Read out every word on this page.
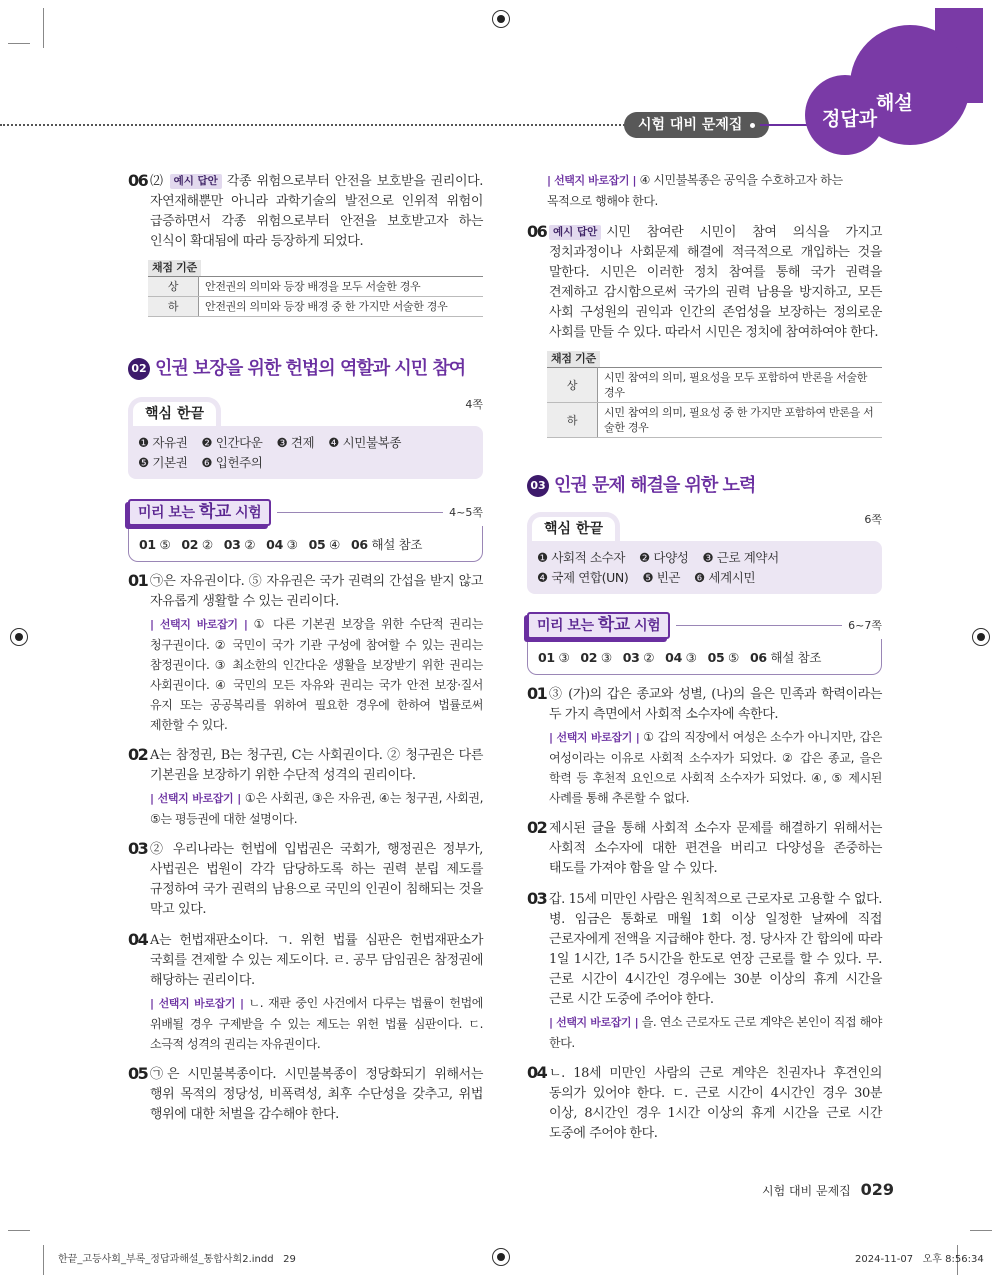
시험 대비 문제집	정답과
해설
06 ⑵ 예시 답안 각종 위험으로부터 안전을 보호받을 권리이다. 자연재해뿐만 아니라 과학기술의 발전으로 인위적 위험이 급증하면서 각종 위험으로부터 안전을 보호받고자 하는 인식이 확대됨에 따라 등장하게 되었다.
채점 기준
상	안전권의 의미와 등장 배경을 모두 서술한 경우
하	안전권의 의미와 등장 배경 중 한 가지만 서술한 경우
02 인권 보장을 위한 헌법의 역할과 시민 참여
핵심 한끝
4쪽
❶ 자유권 ❷ 인간다운 ❸ 견제 ❹ 시민불복종
❺ 기본권 ❻ 입헌주의
미리 보는 학교 시험	4~5쪽
01 ⑤ 02 ② 03 ② 04 ③ 05 ④ 06 해설 참조
01 ㉠은 자유권이다. ⑤ 자유권은 국가 권력의 간섭을 받지 않고 자유롭게 생활할 수 있는 권리이다.
| 선택지 바로잡기 | ① 다른 기본권 보장을 위한 수단적 권리는 청구권이다. ② 국민이 국가 기관 구성에 참여할 수 있는 권리는 참정권이다. ③ 최소한의 인간다운 생활을 보장받기 위한 권리는 사회권이다. ④ 국민의 모든 자유와 권리는 국가 안전 보장·질서 유지 또는 공공복리를 위하여 필요한 경우에 한하여 법률로써 제한할 수 있다.
02 A는 참정권, B는 청구권, C는 사회권이다. ② 청구권은 다른 기본권을 보장하기 위한 수단적 성격의 권리이다.
| 선택지 바로잡기 | ①은 사회권, ③은 자유권, ④는 청구권, 사회권, ⑤는 평등권에 대한 설명이다.
03 ② 우리나라는 헌법에 입법권은 국회가, 행정권은 정부가, 사법권은 법원이 각각 담당하도록 하는 권력 분립 제도를 규정하여 국가 권력의 남용으로 국민의 인권이 침해되는 것을 막고 있다.
04 A는 헌법재판소이다. ㄱ. 위헌 법률 심판은 헌법재판소가 국회를 견제할 수 있는 제도이다. ㄹ. 공무 담임권은 참정권에 해당하는 권리이다.
| 선택지 바로잡기 | ㄴ. 재판 중인 사건에서 다루는 법률이 헌법에 위배될 경우 구제받을 수 있는 제도는 위헌 법률 심판이다. ㄷ. 소극적 성격의 권리는 자유권이다.
05 ㉠은 시민불복종이다. 시민불복종이 정당화되기 위해서는 행위 목적의 정당성, 비폭력성, 최후 수단성을 갖추고, 위법 행위에 대한 처벌을 감수해야 한다.
| 선택지 바로잡기 | ④ 시민불복종은 공익을 수호하고자 하는 목적으로 행해야 한다.
06 예시 답안 시민 참여란 시민이 참여 의식을 가지고 정치과정이나 사회문제 해결에 적극적으로 개입하는 것을 말한다. 시민은 이러한 정치 참여를 통해 국가 권력을 견제하고 감시함으로써 국가의 권력 남용을 방지하고, 모든 사회 구성원의 권익과 인간의 존엄성을 보장하는 정의로운 사회를 만들 수 있다. 따라서 시민은 정치에 참여하여야 한다.
채점 기준
상	시민 참여의 의미, 필요성을 모두 포함하여 반론을 서술한 경우
하	시민 참여의 의미, 필요성 중 한 가지만 포함하여 반론을 서술한 경우
03 인권 문제 해결을 위한 노력
핵심 한끝
6쪽
❶ 사회적 소수자 ❷ 다양성 ❸ 근로 계약서
❹ 국제 연합(UN) ❺ 빈곤 ❻ 세계시민
미리 보는 학교 시험	6~7쪽
01 ③ 02 ③ 03 ② 04 ③ 05 ⑤ 06 해설 참조
01 ③ (가)의 갑은 종교와 성별, (나)의 을은 민족과 학력이라는 두 가지 측면에서 사회적 소수자에 속한다.
| 선택지 바로잡기 | ① 갑의 직장에서 여성은 소수가 아니지만, 갑은 여성이라는 이유로 사회적 소수자가 되었다. ② 갑은 종교, 을은 학력 등 후천적 요인으로 사회적 소수자가 되었다. ④, ⑤ 제시된 사례를 통해 추론할 수 없다.
02 제시된 글을 통해 사회적 소수자 문제를 해결하기 위해서는 사회적 소수자에 대한 편견을 버리고 다양성을 존중하는 태도를 가져야 함을 알 수 있다.
03 갑. 15세 미만인 사람은 원칙적으로 근로자로 고용할 수 없다. 병. 임금은 통화로 매월 1회 이상 일정한 날짜에 직접 근로자에게 전액을 지급해야 한다. 정. 당사자 간 합의에 따라 1일 1시간, 1주 5시간을 한도로 연장 근로를 할 수 있다. 무. 근로 시간이 4시간인 경우에는 30분 이상의 휴게 시간을 근로 시간 도중에 주어야 한다.
| 선택지 바로잡기 | 을. 연소 근로자도 근로 계약은 본인이 직접 해야 한다.
04 ㄴ. 18세 미만인 사람의 근로 계약은 친권자나 후견인의 동의가 있어야 한다. ㄷ. 근로 시간이 4시간인 경우 30분 이상, 8시간인 경우 1시간 이상의 휴게 시간을 근로 시간 도중에 주어야 한다.
시험 대비 문제집 029
한끝_고등사회_부록_정답과해설_통합사회2.indd   29	2024-11-07   오후 8:56:34
